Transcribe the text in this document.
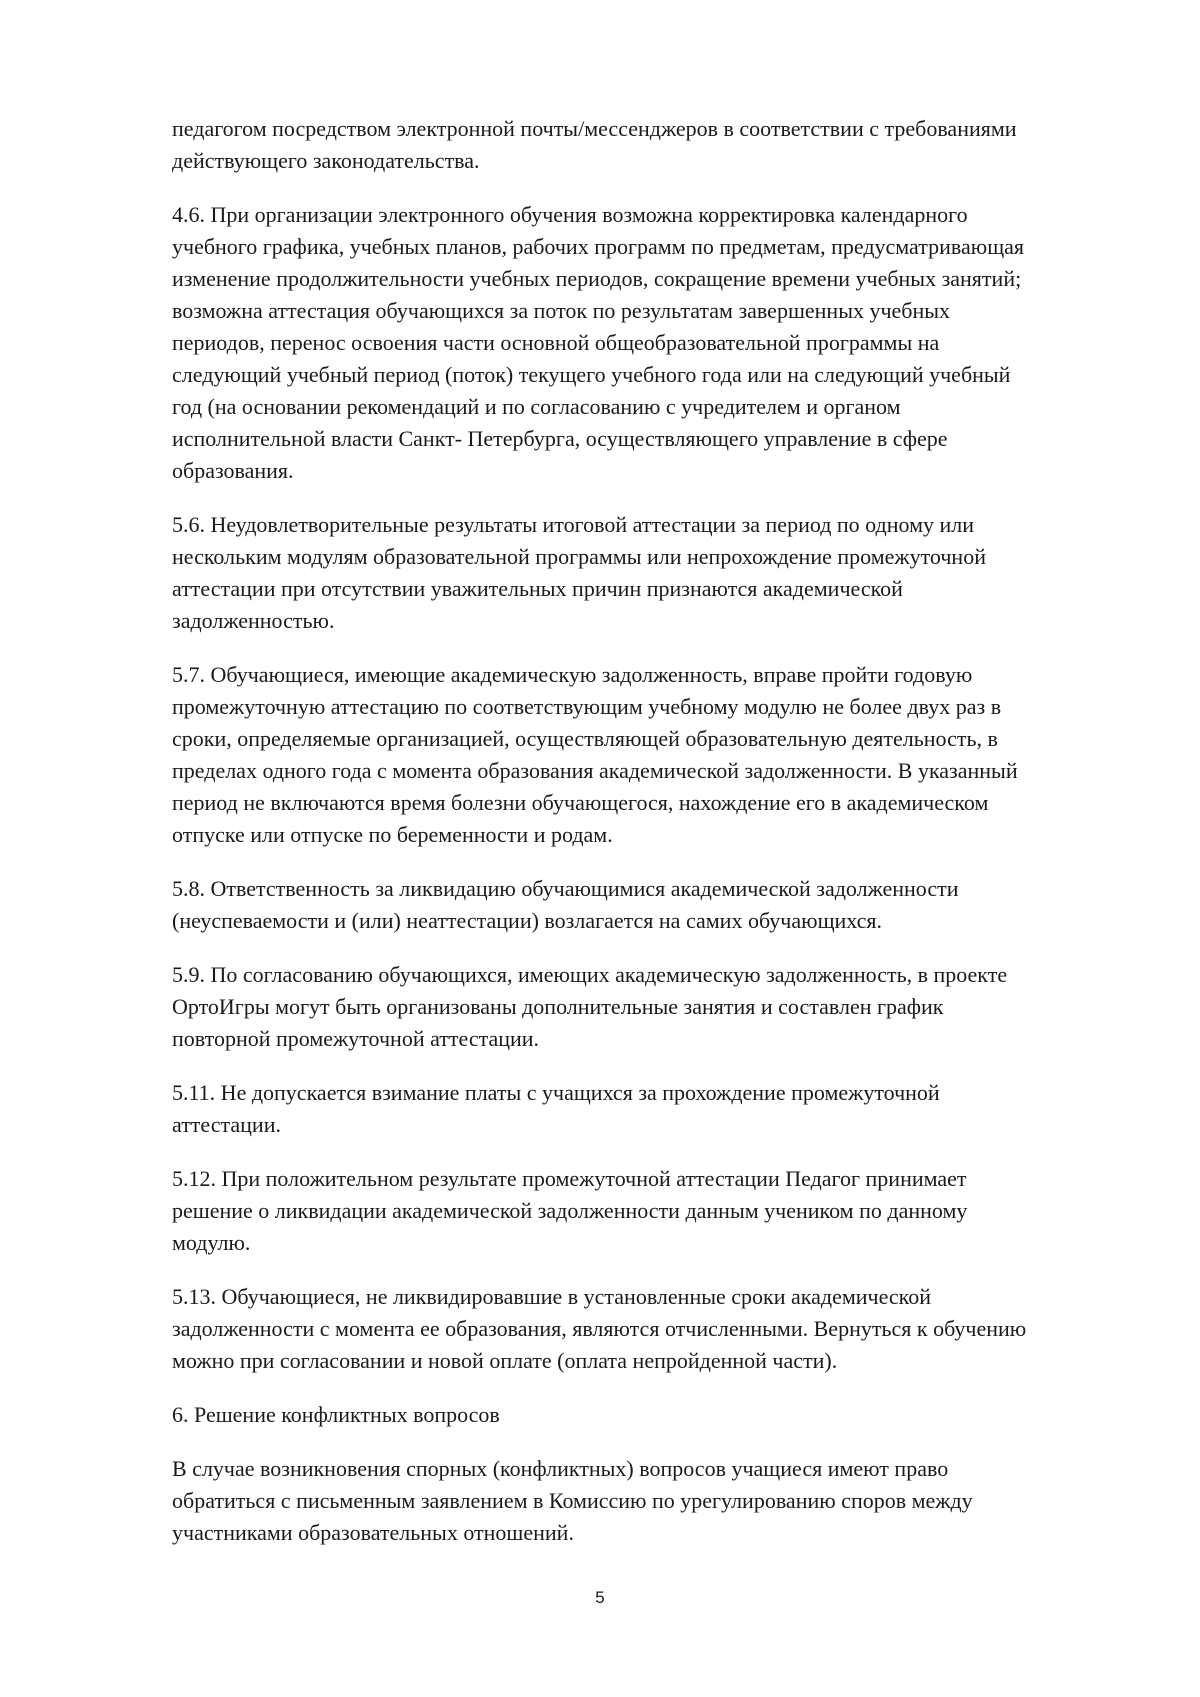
педагогом посредством электронной почты/мессенджеров в соответствии с требованиями
действующего законодательства.

4.6. При организации электронного обучения возможна корректировка календарного
учебного графика, учебных планов, рабочих программ по предметам, предусматривающая
изменение продолжительности учебных периодов, сокращение времени учебных занятий;
возможна аттестация обучающихся за поток по результатам завершенных учебных
периодов, перенос освоения части основной общеобразовательной программы на
следующий учебный период (поток) текущего учебного года или на следующий учебный
год (на основании рекомендаций и по согласованию с учредителем и органом
исполнительной власти Санкт- Петербурга, осуществляющего управление в сфере
образования.

5.6. Неудовлетворительные результаты итоговой аттестации за период по одному или
нескольким модулям образовательной программы или непрохождение промежуточной
аттестации при отсутствии уважительных причин признаются академической
задолженностью.

5.7. Обучающиеся, имеющие академическую задолженность, вправе пройти годовую
промежуточную аттестацию по соответствующим учебному модулю не более двух раз в
сроки, определяемые организацией, осуществляющей образовательную деятельность, в
пределах одного года с момента образования академической задолженности. В указанный
период не включаются время болезни обучающегося, нахождение его в академическом
отпуске или отпуске по беременности и родам.

5.8. Ответственность за ликвидацию обучающимися академической задолженности
(неуспеваемости и (или) неаттестации) возлагается на самих обучающихся.

5.9. По согласованию обучающихся, имеющих академическую задолженность, в проекте
ОртоИгры могут быть организованы дополнительные занятия и составлен график
повторной промежуточной аттестации.

5.11. Не допускается взимание платы с учащихся за прохождение промежуточной
аттестации.

5.12. При положительном результате промежуточной аттестации Педагог принимает
решение о ликвидации академической задолженности данным учеником по данному
модулю.

5.13. Обучающиеся, не ликвидировавшие в установленные сроки академической
задолженности с момента ее образования, являются отчисленными. Вернуться к обучению
можно при согласовании и новой оплате (оплата непройденной части).

6. Решение конфликтных вопросов

В случае возникновения спорных (конфликтных) вопросов учащиеся имеют право
обратиться с письменным заявлением в Комиссию по урегулированию споров между
участниками образовательных отношений.

5
